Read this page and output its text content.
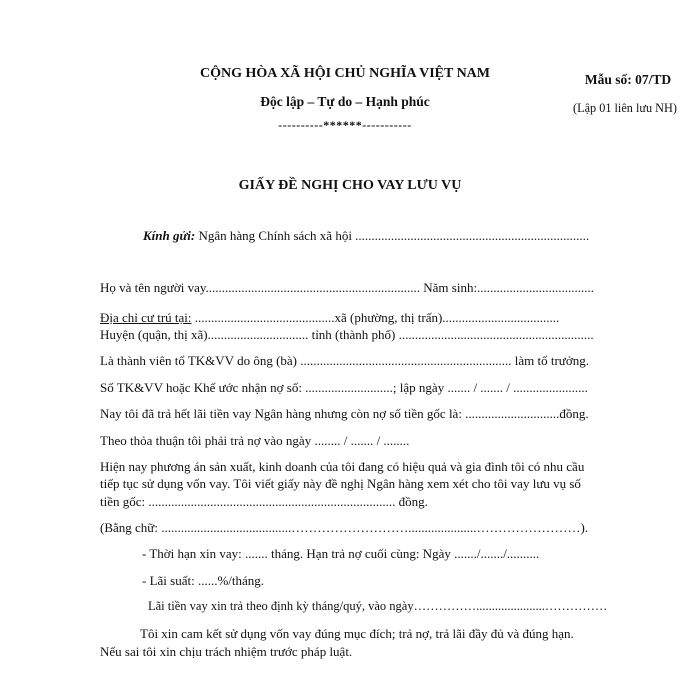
CỘNG HÒA XÃ HỘI CHỦ NGHĨA VIỆT NAM
Độc lập – Tự do – Hạnh phúc
----------******-----------
Mẫu số: 07/TD
(Lập 01 liên lưu NH)
GIẤY ĐỀ NGHỊ CHO VAY LƯU VỤ
Kính gửi: Ngân hàng Chính sách xã hội ........................................................................
Họ và tên người vay.................................................................. Năm sinh:....................................
Địa chỉ cư trú tại: ...........................................xã (phường, thị trấn)....................................
Huyện (quận, thị xã)............................... tỉnh (thành phố) ............................................................
Là thành viên tổ TK&VV do ông (bà) ................................................................. làm tổ trưởng.
Số TK&VV hoặc Khế ước nhận nợ số: ...........................; lập ngày ....... / ....... / .......................
Nay tôi đã trả hết lãi tiền vay Ngân hàng nhưng còn nợ số tiền gốc là: .............................đồng.
Theo thỏa thuận tôi phải trả nợ vào ngày ........ / ....... / ........
Hiện nay phương án sản xuất, kinh doanh của tôi đang có hiệu quả và gia đình tôi có nhu cầu
tiếp tục sử dụng vốn vay. Tôi viết giấy này đề nghị Ngân hàng xem xét cho tôi vay lưu vụ số
tiền gốc: ............................................................................ đồng.
(Bằng chữ: ........................................……………………….....................……………………).
- Thời hạn xin vay: ....... tháng. Hạn trả nợ cuối cùng: Ngày ......./......./..........
- Lãi suất: ......%/tháng.
Lãi tiền vay xin trả theo định kỳ tháng/quý, vào ngày……………......................……………
Tôi xin cam kết sử dụng vốn vay đúng mục đích; trả nợ, trả lãi đầy đủ và đúng hạn.
Nếu sai tôi xin chịu trách nhiệm trước pháp luật.
